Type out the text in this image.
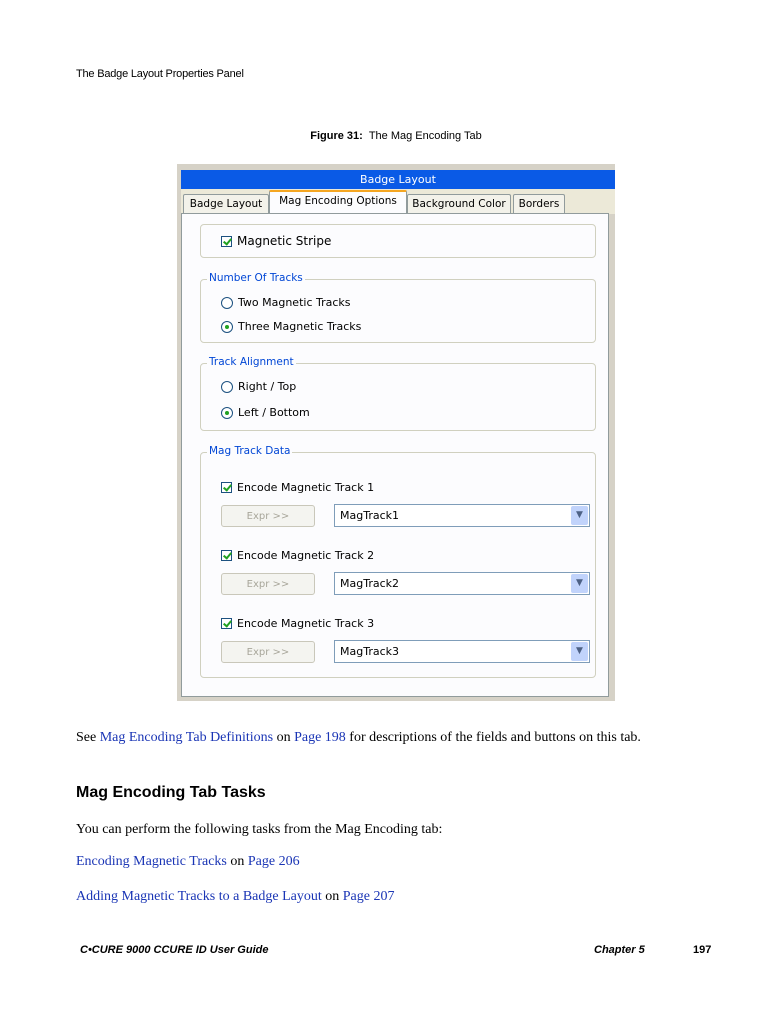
The Badge Layout Properties Panel
Figure 31: The Mag Encoding Tab
Badge Layout
Badge Layout	Mag Encoding Options	Background Color	Borders
Magnetic Stripe
Number Of Tracks
Two Magnetic Tracks
Three Magnetic Tracks
Track Alignment
Right / Top
Left / Bottom
Mag Track Data
Encode Magnetic Track 1
Expr >>	MagTrack1	▼
Encode Magnetic Track 2
Expr >>	MagTrack2	▼
Encode Magnetic Track 3
Expr >>	MagTrack3	▼
See Mag Encoding Tab Definitions on Page 198 for descriptions of the fields and buttons on this tab.
Mag Encoding Tab Tasks
You can perform the following tasks from the Mag Encoding tab:
Encoding Magnetic Tracks on Page 206
Adding Magnetic Tracks to a Badge Layout on Page 207
C•CURE 9000 CCURE ID User Guide	Chapter 5	197
